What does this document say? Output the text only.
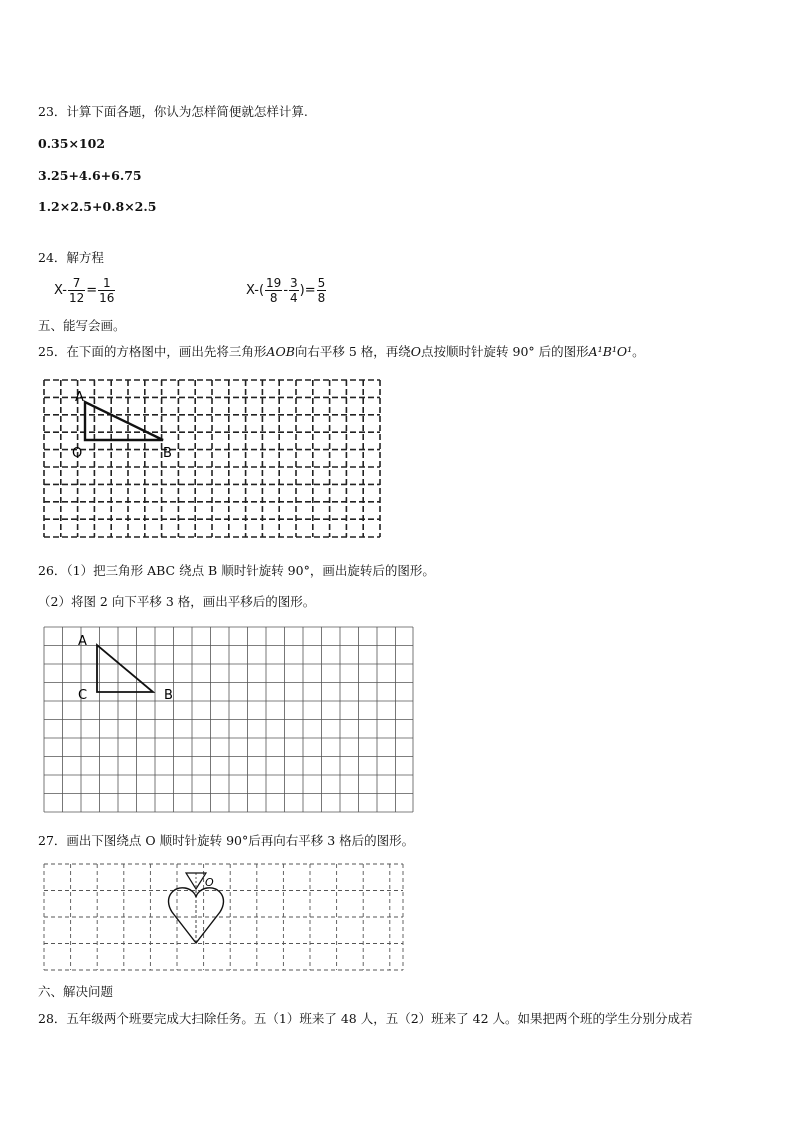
23．计算下面各题，你认为怎样简便就怎样计算.
0.35×102
3.25+4.6+6.75
1.2×2.5+0.8×2.5
24．解方程
$X- \frac{7}{12} = \frac{1}{16}$	$X-( \frac{19}{8} - \frac{3}{4}$ )= $\frac{5}{8}$
五、能写会画。
25．在下面的方格图中，画出先将三角形AOB向右平移 5 格，再绕O点按顺时针旋转 90° 后的图形A¹B¹O¹。
A
O	B
A
C	B
O
26．（1）把三角形 ABC 绕点 B 顺时针旋转 90°，画出旋转后的图形。
（2）将图 2 向下平移 3 格，画出平移后的图形。
27．画出下图绕点 O 顺时针旋转 90°后再向右平移 3 格后的图形。
六、解决问题
28．五年级两个班要完成大扫除任务。五（1）班来了 48 人，五（2）班来了 42 人。如果把两个班的学生分别分成若
